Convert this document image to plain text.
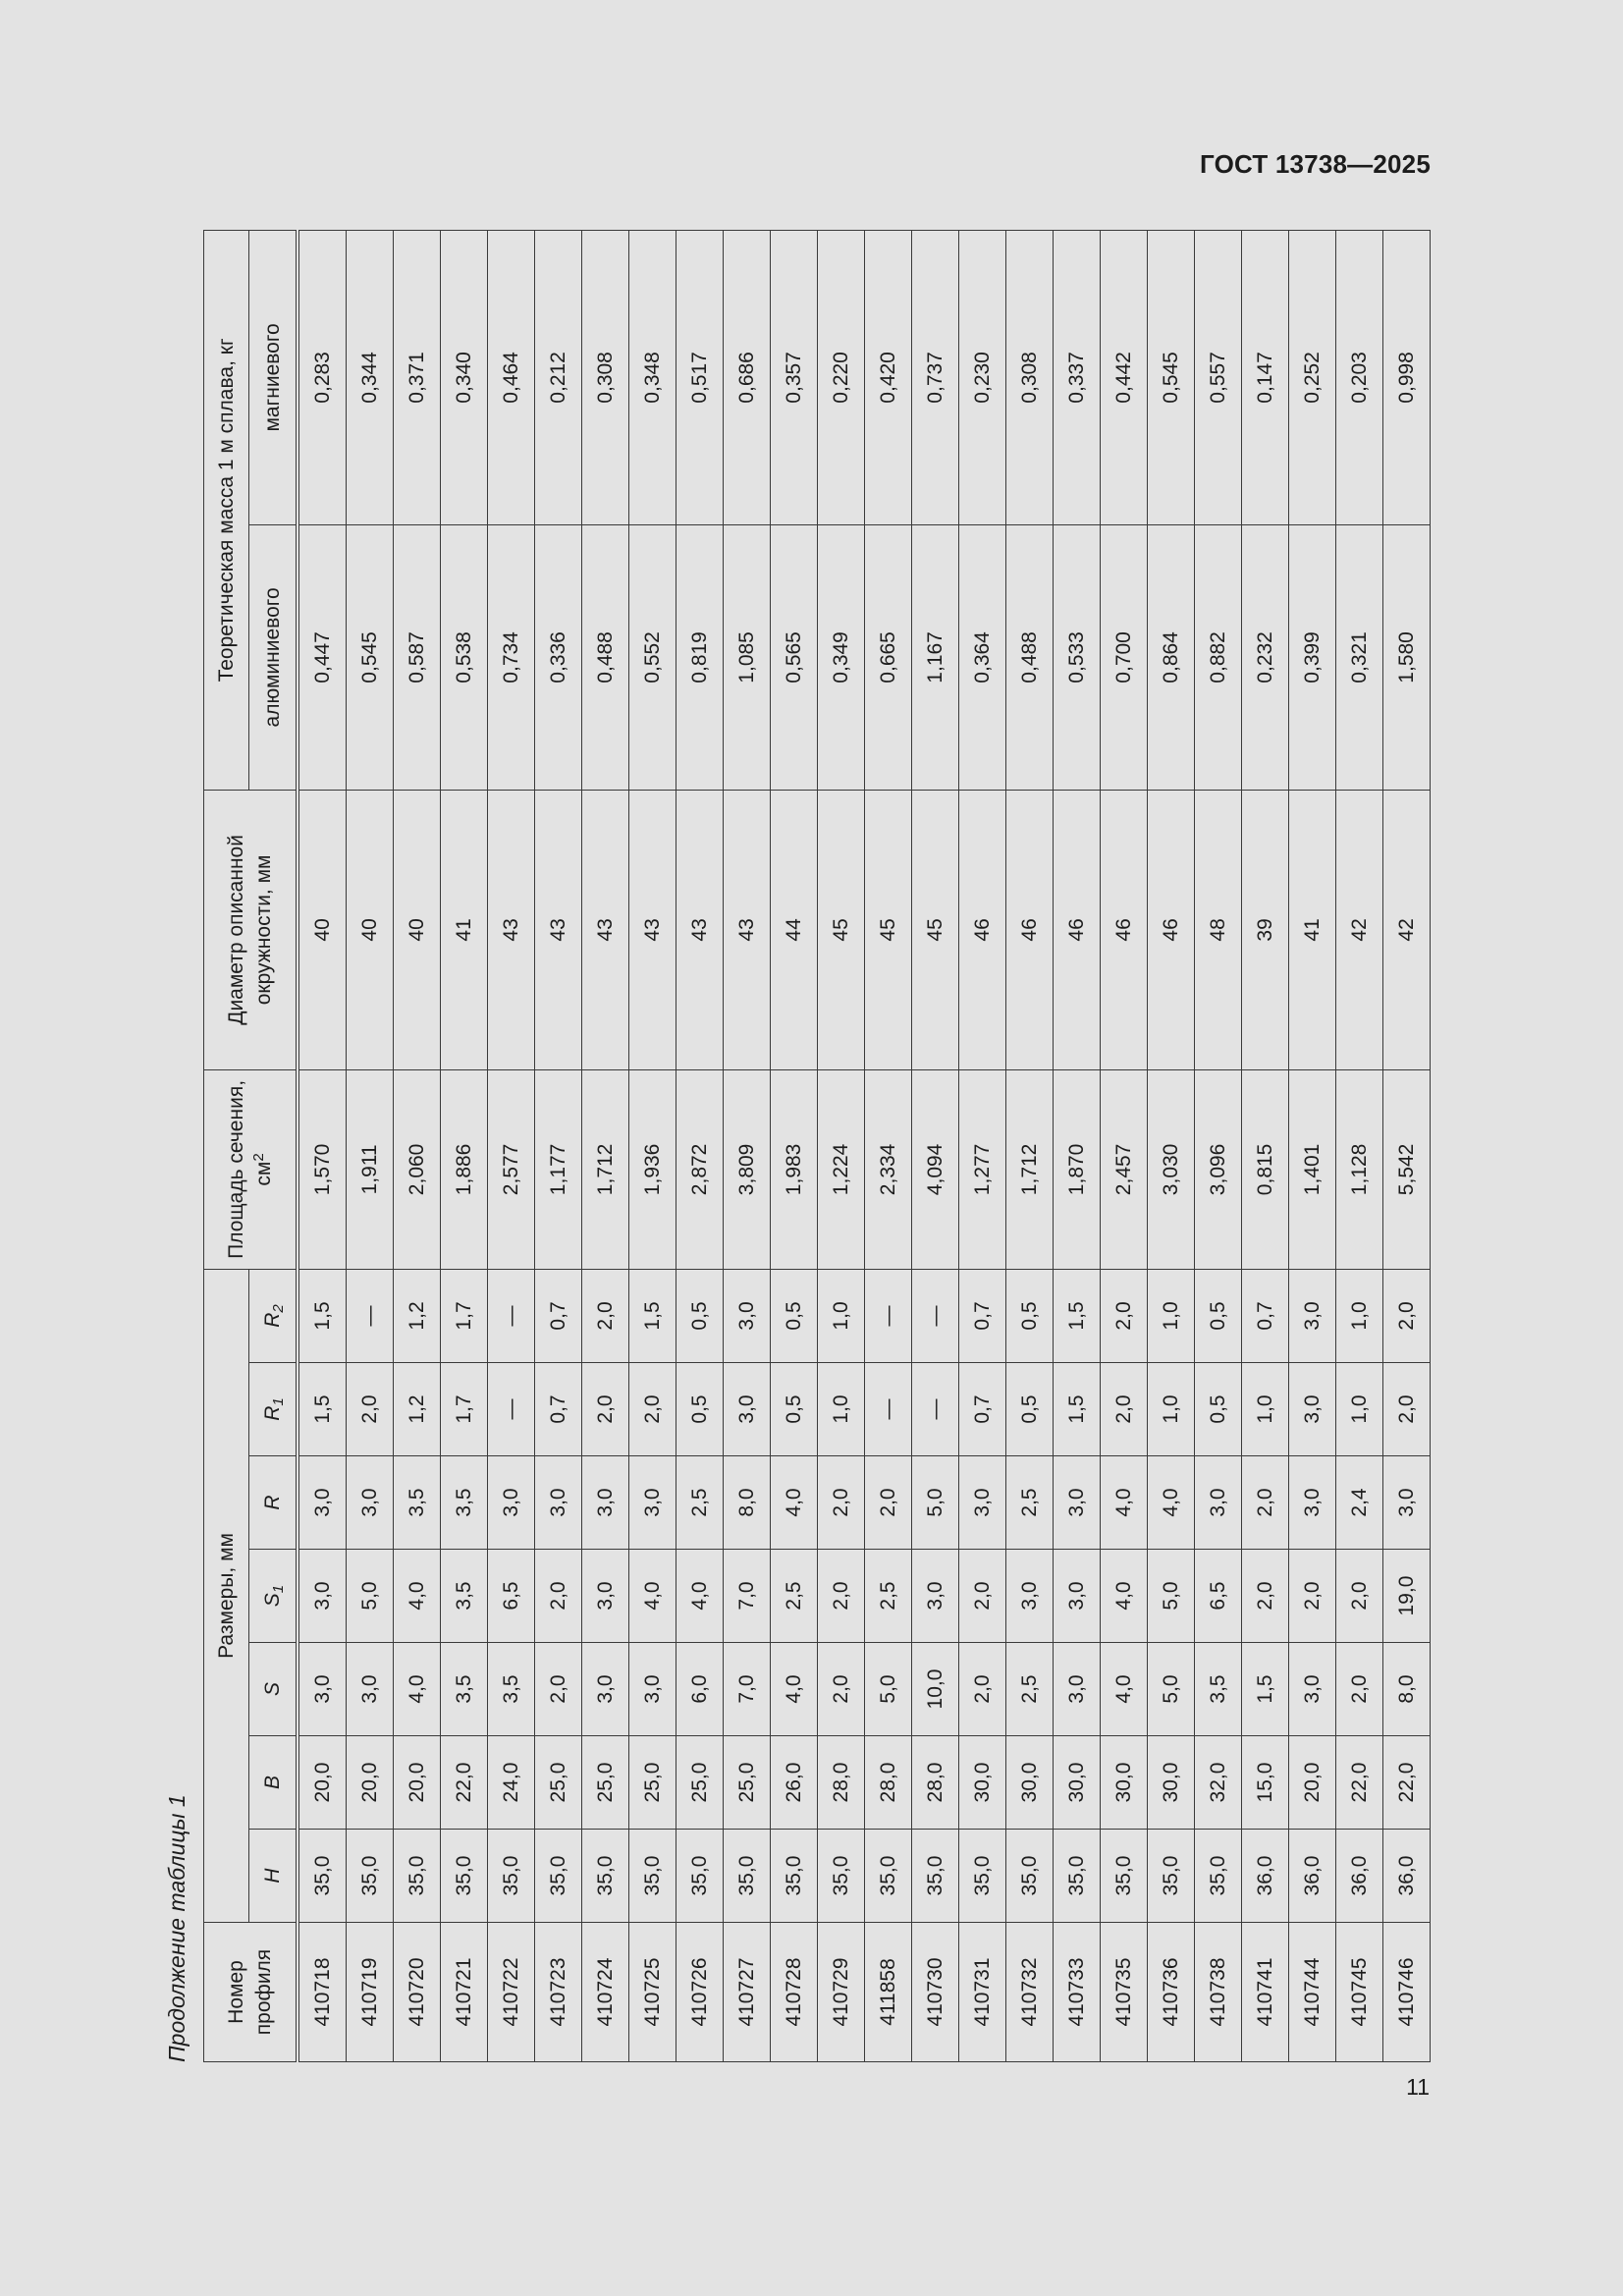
ГОСТ 13738—2025
Продолжение таблицы 1	Номер профиля	Размеры, мм							Площадь сечения, $см^2$	Диаметр описанной окружности, мм	Теоретическая масса 1 м сплава, кг	
	H	B	S	$S_1$	R	$R_1$	$R_2$			алюминиевого	магниевого
410718	35,0	20,0	3,0	3,0	3,0	1,5	1,5	1,570	40	0,447	0,283
410719	35,0	20,0	3,0	5,0	3,0	2,0	—	1,911	40	0,545	0,344
410720	35,0	20,0	4,0	4,0	3,5	1,2	1,2	2,060	40	0,587	0,371
410721	35,0	22,0	3,5	3,5	3,5	1,7	1,7	1,886	41	0,538	0,340
410722	35,0	24,0	3,5	6,5	3,0	—	—	2,577	43	0,734	0,464
410723	35,0	25,0	2,0	2,0	3,0	0,7	0,7	1,177	43	0,336	0,212
410724	35,0	25,0	3,0	3,0	3,0	2,0	2,0	1,712	43	0,488	0,308
410725	35,0	25,0	3,0	4,0	3,0	2,0	1,5	1,936	43	0,552	0,348
410726	35,0	25,0	6,0	4,0	2,5	0,5	0,5	2,872	43	0,819	0,517
410727	35,0	25,0	7,0	7,0	8,0	3,0	3,0	3,809	43	1,085	0,686
410728	35,0	26,0	4,0	2,5	4,0	0,5	0,5	1,983	44	0,565	0,357
410729	35,0	28,0	2,0	2,0	2,0	1,0	1,0	1,224	45	0,349	0,220
411858	35,0	28,0	5,0	2,5	2,0	—	—	2,334	45	0,665	0,420
410730	35,0	28,0	10,0	3,0	5,0	—	—	4,094	45	1,167	0,737
410731	35,0	30,0	2,0	2,0	3,0	0,7	0,7	1,277	46	0,364	0,230
410732	35,0	30,0	2,5	3,0	2,5	0,5	0,5	1,712	46	0,488	0,308
410733	35,0	30,0	3,0	3,0	3,0	1,5	1,5	1,870	46	0,533	0,337
410735	35,0	30,0	4,0	4,0	4,0	2,0	2,0	2,457	46	0,700	0,442
410736	35,0	30,0	5,0	5,0	4,0	1,0	1,0	3,030	46	0,864	0,545
410738	35,0	32,0	3,5	6,5	3,0	0,5	0,5	3,096	48	0,882	0,557
410741	36,0	15,0	1,5	2,0	2,0	1,0	0,7	0,815	39	0,232	0,147
410744	36,0	20,0	3,0	2,0	3,0	3,0	3,0	1,401	41	0,399	0,252
410745	36,0	22,0	2,0	2,0	2,4	1,0	1,0	1,128	42	0,321	0,203
410746	36,0	22,0	8,0	19,0	3,0	2,0	2,0	5,542	42	1,580	0,998
11
